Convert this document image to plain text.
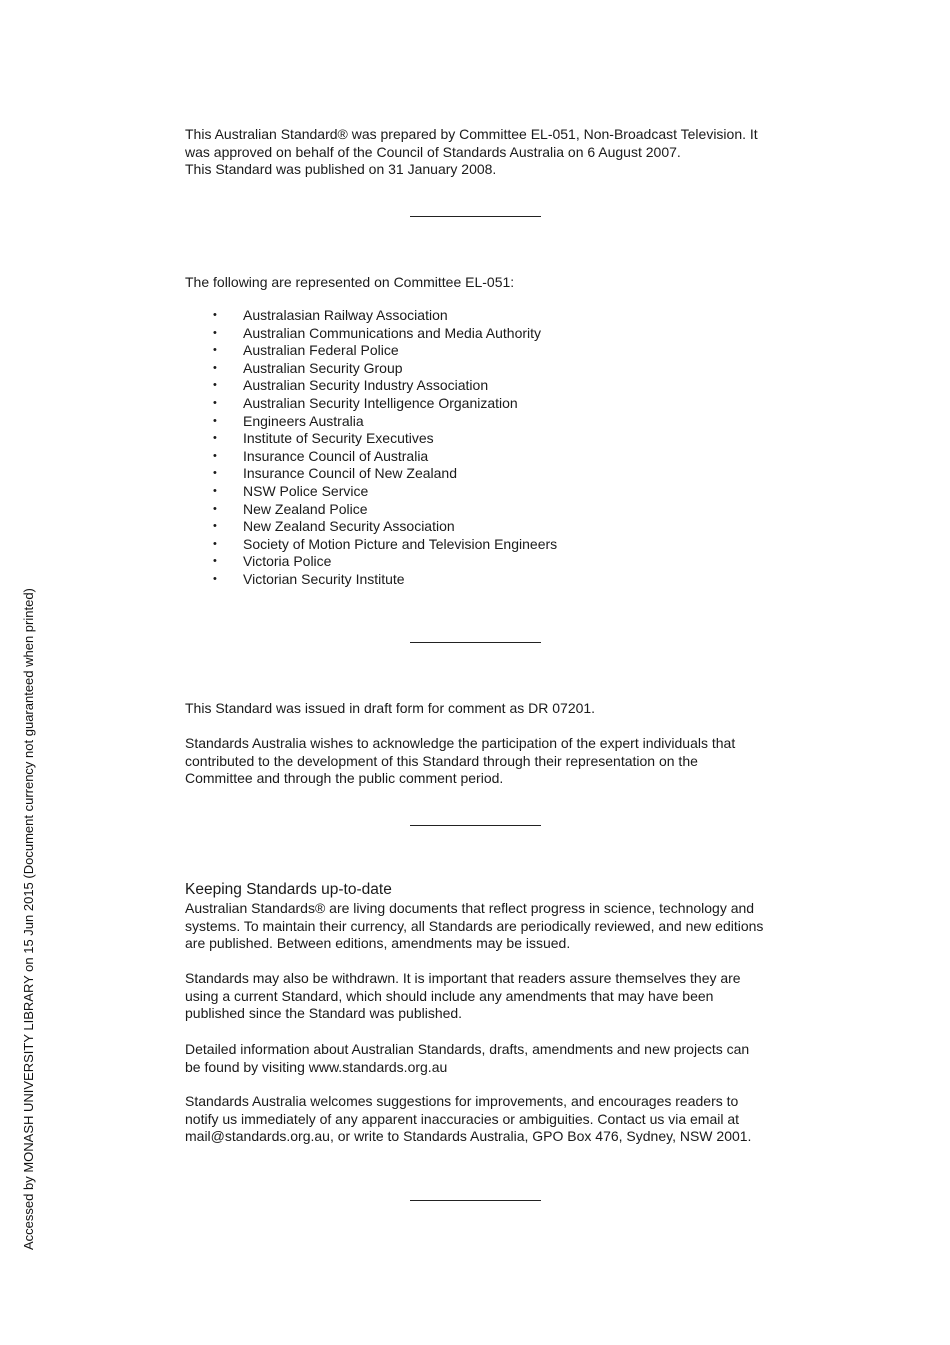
This Australian Standard® was prepared by Committee EL-051, Non-Broadcast Television. It

was approved on behalf of the Council of Standards Australia on 6 August 2007.

This Standard was published on 31 January 2008.

The following are represented on Committee EL-051:

• Australasian Railway Association
• Australian Communications and Media Authority
• Australian Federal Police
• Australian Security Group
• Australian Security Industry Association
• Australian Security Intelligence Organization
• Engineers Australia
• Institute of Security Executives
• Insurance Council of Australia
• Insurance Council of New Zealand
• NSW Police Service
• New Zealand Police
• New Zealand Security Association
• Society of Motion Picture and Television Engineers
• Victoria Police
• Victorian Security Institute

This Standard was issued in draft form for comment as DR 07201.

Standards Australia wishes to acknowledge the participation of the expert individuals that

contributed to the development of this Standard through their representation on the

Committee and through the public comment period.

Keeping Standards up-to-date

Australian Standards® are living documents that reflect progress in science, technology and

systems. To maintain their currency, all Standards are periodically reviewed, and new editions

are published. Between editions, amendments may be issued.

Standards may also be withdrawn. It is important that readers assure themselves they are

using a current Standard, which should include any amendments that may have been

published since the Standard was published.

Detailed information about Australian Standards, drafts, amendments and new projects can

be found by visiting www.standards.org.au

Standards Australia welcomes suggestions for improvements, and encourages readers to

notify us immediately of any apparent inaccuracies or ambiguities. Contact us via email at

mail@standards.org.au, or write to Standards Australia, GPO Box 476, Sydney, NSW 2001.

Accessed by MONASH UNIVERSITY LIBRARY on 15 Jun 2015 (Document currency not guaranteed when printed)
